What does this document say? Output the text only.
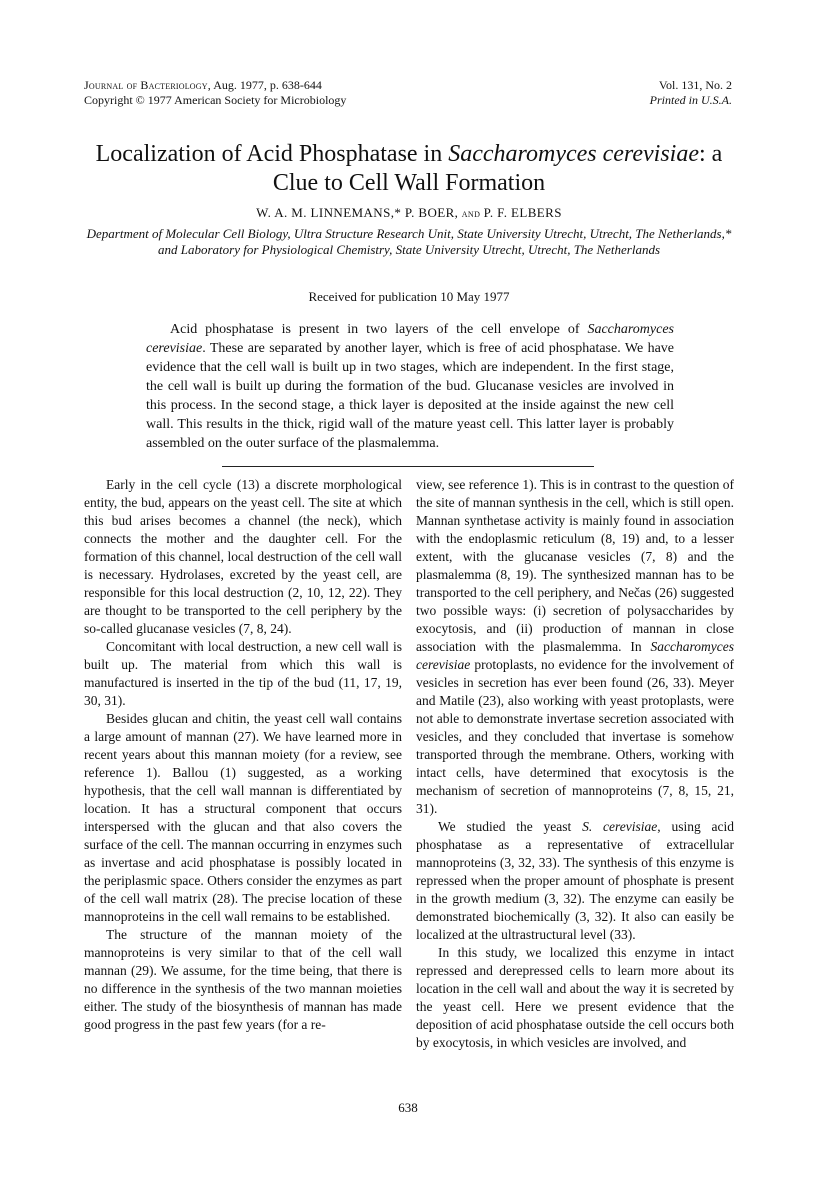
Journal of Bacteriology, Aug. 1977, p. 638-644
Copyright © 1977 American Society for Microbiology
Vol. 131, No. 2
Printed in U.S.A.
Localization of Acid Phosphatase in Saccharomyces cerevisiae: a Clue to Cell Wall Formation
W. A. M. LINNEMANS,* P. BOER, and P. F. ELBERS
Department of Molecular Cell Biology, Ultra Structure Research Unit, State University Utrecht, Utrecht, The Netherlands,* and Laboratory for Physiological Chemistry, State University Utrecht, Utrecht, The Netherlands
Received for publication 10 May 1977

Acid phosphatase is present in two layers of the cell envelope of Saccharomyces cerevisiae. These are separated by another layer, which is free of acid phosphatase. We have evidence that the cell wall is built up in two stages, which are independent. In the first stage, the cell wall is built up during the formation of the bud. Glucanase vesicles are involved in this process. In the second stage, a thick layer is deposited at the inside against the new cell wall. This results in the thick, rigid wall of the mature yeast cell. This latter layer is probably assembled on the outer surface of the plasmalemma.

Early in the cell cycle (13) a discrete morphological entity, the bud, appears on the yeast cell. The site at which this bud arises becomes a channel (the neck), which connects the mother and the daughter cell. For the formation of this channel, local destruction of the cell wall is necessary. Hydrolases, excreted by the yeast cell, are responsible for this local destruction (2, 10, 12, 22). They are thought to be transported to the cell periphery by the so-called glucanase vesicles (7, 8, 24).

Concomitant with local destruction, a new cell wall is built up. The material from which this wall is manufactured is inserted in the tip of the bud (11, 17, 19, 30, 31).

Besides glucan and chitin, the yeast cell wall contains a large amount of mannan (27). We have learned more in recent years about this mannan moiety (for a review, see reference 1). Ballou (1) suggested, as a working hypothesis, that the cell wall mannan is differentiated by location. It has a structural component that occurs interspersed with the glucan and that also covers the surface of the cell. The mannan occurring in enzymes such as invertase and acid phosphatase is possibly located in the periplasmic space. Others consider the enzymes as part of the cell wall matrix (28). The precise location of these mannoproteins in the cell wall remains to be established.

The structure of the mannan moiety of the mannoproteins is very similar to that of the cell wall mannan (29). We assume, for the time being, that there is no difference in the synthesis of the two mannan moieties either. The study of the biosynthesis of mannan has made good progress in the past few years (for a re-

view, see reference 1). This is in contrast to the question of the site of mannan synthesis in the cell, which is still open. Mannan synthetase activity is mainly found in association with the endoplasmic reticulum (8, 19) and, to a lesser extent, with the glucanase vesicles (7, 8) and the plasmalemma (8, 19). The synthesized mannan has to be transported to the cell periphery, and Nečas (26) suggested two possible ways: (i) secretion of polysaccharides by exocytosis, and (ii) production of mannan in close association with the plasmalemma. In Saccharomyces cerevisiae protoplasts, no evidence for the involvement of vesicles in secretion has ever been found (26, 33). Meyer and Matile (23), also working with yeast protoplasts, were not able to demonstrate invertase secretion associated with vesicles, and they concluded that invertase is somehow transported through the membrane. Others, working with intact cells, have determined that exocytosis is the mechanism of secretion of mannoproteins (7, 8, 15, 21, 31).

We studied the yeast S. cerevisiae, using acid phosphatase as a representative of extracellular mannoproteins (3, 32, 33). The synthesis of this enzyme is repressed when the proper amount of phosphate is present in the growth medium (3, 32). The enzyme can easily be demonstrated biochemically (3, 32). It also can easily be localized at the ultrastructural level (33).

In this study, we localized this enzyme in intact repressed and derepressed cells to learn more about its location in the cell wall and about the way it is secreted by the yeast cell. Here we present evidence that the deposition of acid phosphatase outside the cell occurs both by exocytosis, in which vesicles are involved, and

638
